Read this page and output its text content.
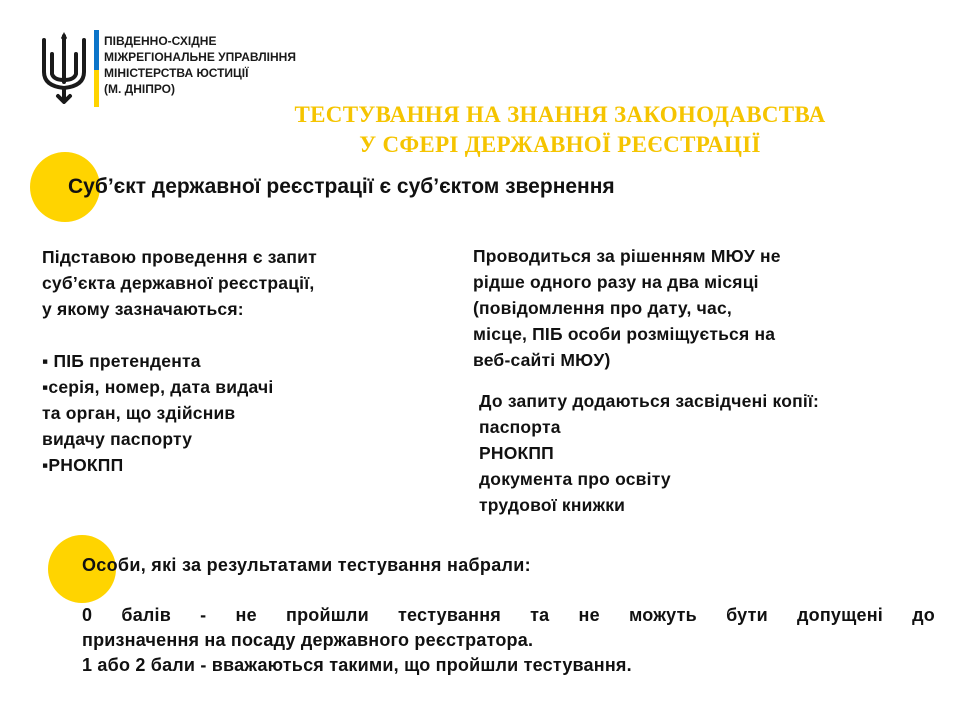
ПІВДЕННО-СХІДНЕ
МІЖРЕГІОНАЛЬНЕ УПРАВЛІННЯ
МІНІСТЕРСТВА ЮСТИЦІЇ
(М. ДНІПРО)
ТЕСТУВАННЯ НА ЗНАННЯ ЗАКОНОДАВСТВА
У СФЕРІ ДЕРЖАВНОЇ РЕЄСТРАЦІЇ
Суб’єкт державної реєстрації є суб’єктом звернення
Підставою проведення є запит
суб’єкта державної реєстрації,
у якому зазначаються:
▪ ПІБ претендента
▪серія, номер, дата видачі
та орган, що здійснив
видачу паспорту
▪РНОКПП
Проводиться за рішенням МЮУ не
рідше одного разу на два місяці
(повідомлення про дату, час,
місце, ПІБ особи розміщується на
веб-сайті МЮУ)
До запиту додаються засвідчені копії:
паспорта
РНОКПП
документа про освіту
трудової книжки
Особи, які за результатами тестування набрали:
0 балів - не пройшли тестування та не можуть бути допущені до
призначення на посаду державного реєстратора.
1 або 2 бали - вважаються такими, що пройшли тестування.
